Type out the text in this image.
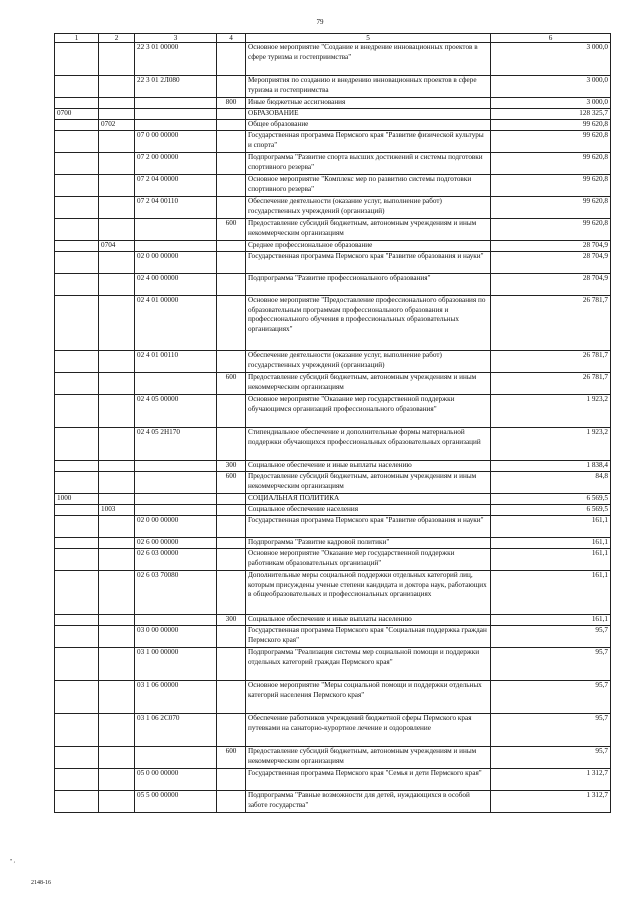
79
1	2	3	4	5	6
		22 3 01 00000		Основное мероприятие "Создание и внедрение инновационных проектов в сфере туризма и гостеприимства"	3 000,0
		22 3 01 2Л080		Мероприятия по созданию и внедрению инновационных проектов в сфере туризма и гостеприимства	3 000,0
			800	Иные бюджетные ассигнования	3 000,0
0700				ОБРАЗОВАНИЕ	128 325,7
	0702			Общее образование	99 620,8
		07 0 00 00000		Государственная программа Пермского края "Развитие физической культуры и спорта"	99 620,8
		07 2 00 00000		Подпрограмма "Развитие спорта высших достижений и системы подготовки спортивного резерва"	99 620,8
		07 2 04 00000		Основное мероприятие "Комплекс мер по развитию системы подготовки спортивного резерва"	99 620,8
		07 2 04 00110		Обеспечение деятельности (оказание услуг, выполнение работ) государственных учреждений (организаций)	99 620,8
			600	Предоставление субсидий бюджетным, автономным учреждениям и иным некоммерческим организациям	99 620,8
	0704			Среднее профессиональное образование	28 704,9
		02 0 00 00000		Государственная программа Пермского края "Развитие образования и науки"	28 704,9
		02 4 00 00000		Подпрограмма "Развитие профессионального образования"	28 704,9
		02 4 01 00000		Основное мероприятие "Предоставление профессионального образования по образовательным программам профессионального образования и профессионального обучения в профессиональных образовательных организациях"	26 781,7
		02 4 01 00110		Обеспечение деятельности (оказание услуг, выполнение работ) государственных учреждений (организаций)	26 781,7
			600	Предоставление субсидий бюджетным, автономным учреждениям и иным некоммерческим организациям	26 781,7
		02 4 05 00000		Основное мероприятие "Оказание мер государственной поддержки обучающимся организаций профессионального образования"	1 923,2
		02 4 05 2Н170		Стипендиальное обеспечение и дополнительные формы материальной поддержки обучающихся профессиональных образовательных организаций	1 923,2
			300	Социальное обеспечение и иные выплаты населению	1 838,4
			600	Предоставление субсидий бюджетным, автономным учреждениям и иным некоммерческим организациям	84,8
1000				СОЦИАЛЬНАЯ ПОЛИТИКА	6 569,5
	1003			Социальное обеспечение населения	6 569,5
		02 0 00 00000		Государственная программа Пермского края "Развитие образования и науки"	161,1
		02 6 00 00000		Подпрограмма "Развитие кадровой политики"	161,1
		02 6 03 00000		Основное мероприятие "Оказание мер государственной поддержки работникам образовательных организаций"	161,1
		02 6 03 70080		Дополнительные меры социальной поддержки отдельных категорий лиц, которым присуждены ученые степени кандидата и доктора наук, работающих в общеобразовательных и профессиональных организациях	161,1
			300	Социальное обеспечение и иные выплаты населению	161,1
		03 0 00 00000		Государственная программа Пермского края "Социальная поддержка граждан Пермского края"	95,7
		03 1 00 00000		Подпрограмма "Реализация системы мер социальной помощи и поддержки отдельных категорий граждан Пермского края"	95,7
		03 1 06 00000		Основное мероприятие "Меры социальной помощи и поддержки отдельных категорий населения Пермского края"	95,7
		03 1 06 2С070		Обеспечение работников учреждений бюджетной сферы Пермского края путевками на санаторно-курортное лечение и оздоровление	95,7
			600	Предоставление субсидий бюджетным, автономным учреждениям и иным некоммерческим организациям	95,7
		05 0 00 00000		Государственная программа Пермского края "Семья и дети Пермского края"	1 312,7
		05 5 00 00000		Подпрограмма "Равные возможности для детей, нуждающихся в особой заботе государства"	1 312,7
• ,
2148-16
